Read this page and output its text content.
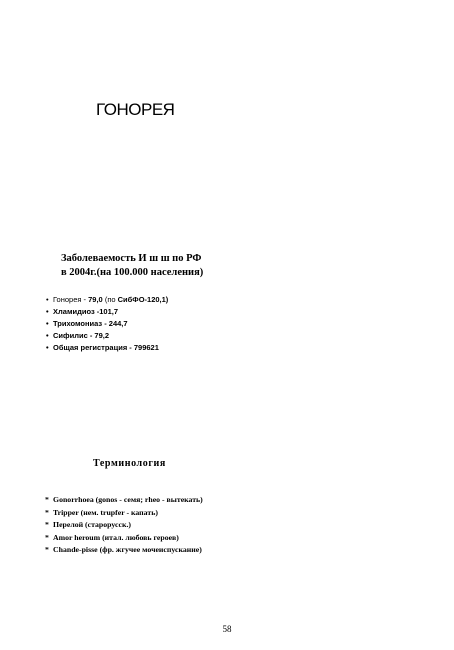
ГОНОРЕЯ
Заболеваемость И ш ш по РФ
в 2004г.(на 100.000 населения)
• Гонорея - 79,0 (по СибФО-120,1)
• Хламидиоз -101,7
• Трихомониаз - 244,7
• Сифилис - 79,2
• Общая регистрация - 799621
Терминология
* Gonorrhoea (gonos - семя; rheo - вытекать)
* Tripper (нем. trupfer - капать)
* Перелой (старорусск.)
* Amor heroum (итал. любовь героев)
* Chande-pisse (фр. жгучее мочеиспускание)
58
